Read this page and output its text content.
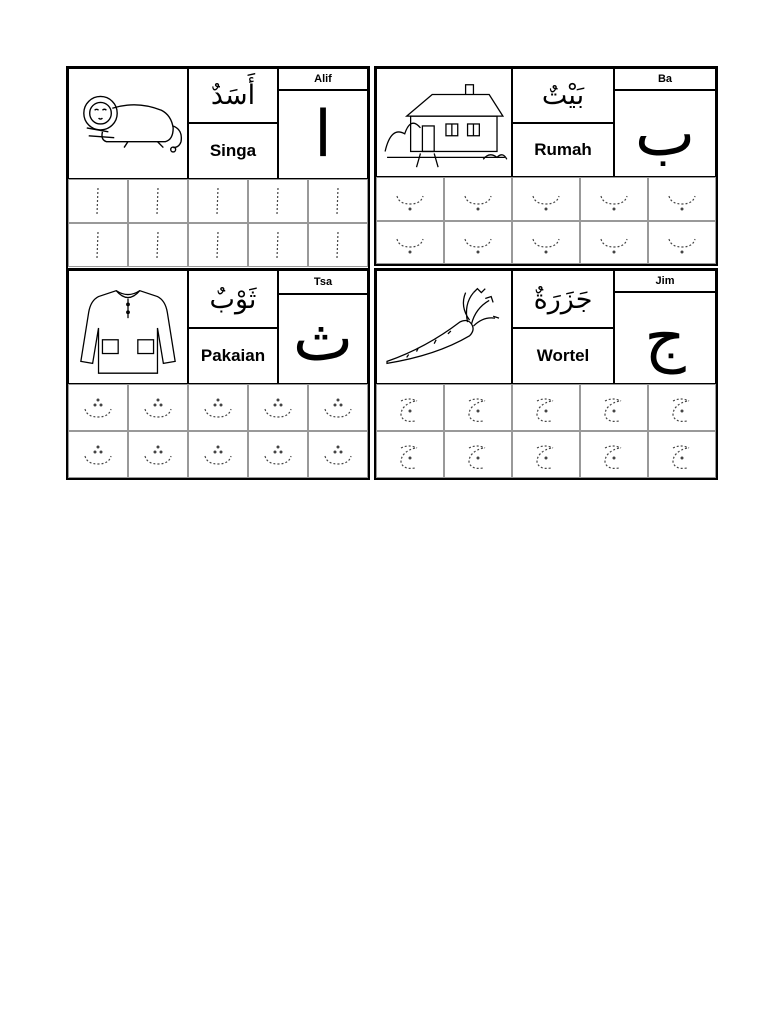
أَسَدٌ
Singa
Alif
ا
بَيْتٌ
Rumah
Ba
ب
ثَوْبٌ
Pakaian
Tsa
ث
جَزَرَةٌ
Wortel
Jim
ج
